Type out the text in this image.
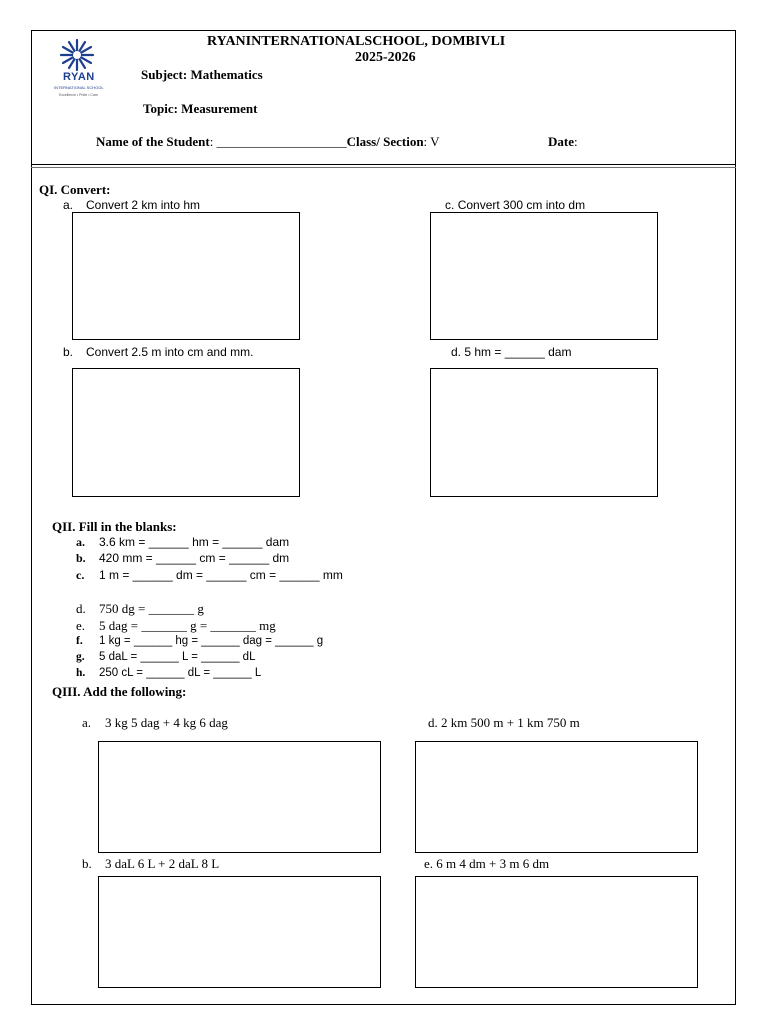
RYAN
INTERNATIONAL SCHOOL
Excellence • Pride • Care
RYANINTERNATIONALSCHOOL, DOMBIVLI
2025-2026
Subject: Mathematics
Topic: Measurement
Name of the Student: ____________________Class/ Section: V	Date:
QI. Convert:
a. Convert 2 km into hm	c. Convert 300 cm into dm
b. Convert 2.5 m into cm and mm.	d. 5 hm = ______ dam
QII. Fill in the blanks:
a. 3.6 km = ______ hm = ______ dam
b. 420 mm = ______ cm = ______ dm
c. 1 m = ______ dm = ______ cm = ______ mm
d. 750 dg = _______ g
e. 5 dag = _______ g = _______ mg
f. 1 kg = ______ hg = ______ dag = ______ g
g. 5 daL = ______ L = ______ dL
h. 250 cL = ______ dL = ______ L
QIII. Add the following:
a. 3 kg 5 dag + 4 kg 6 dag	d. 2 km 500 m + 1 km 750 m
b. 3 daL 6 L + 2 daL 8 L	e. 6 m 4 dm + 3 m 6 dm
